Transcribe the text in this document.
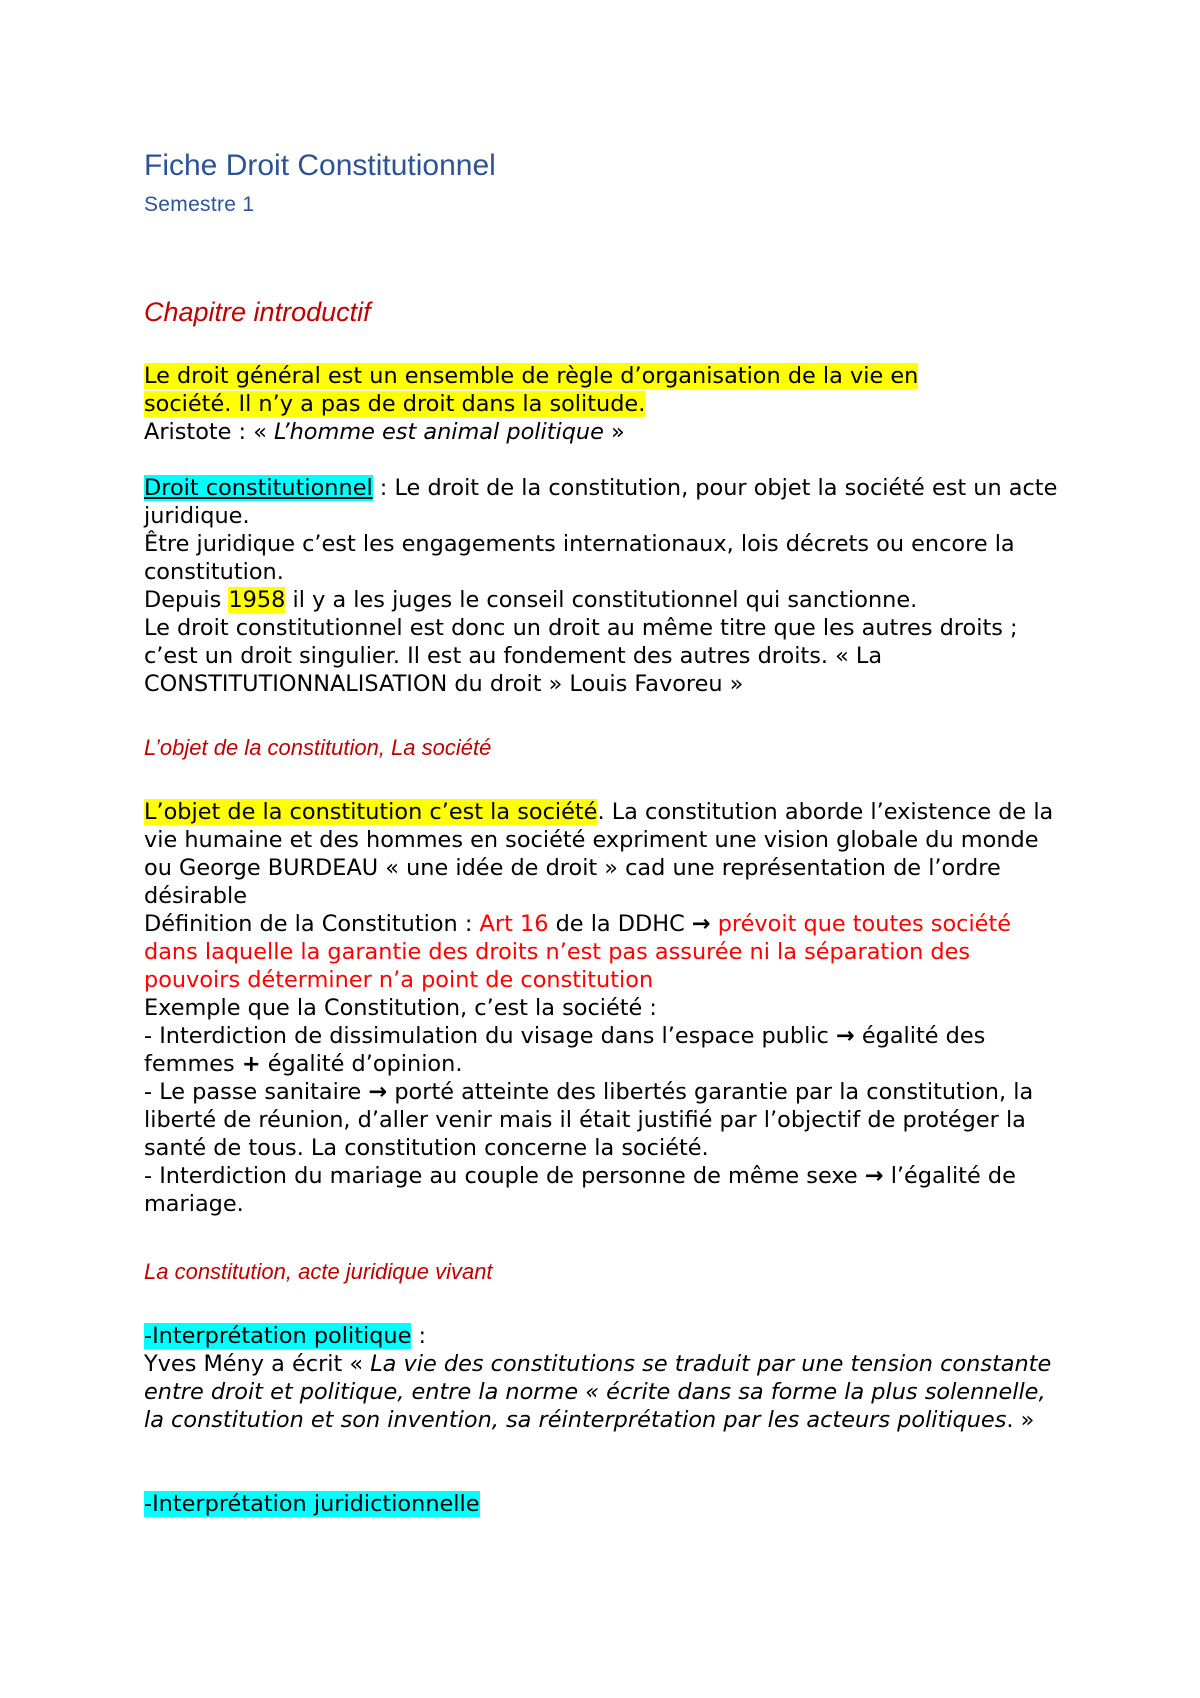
Fiche Droit Constitutionnel
Semestre 1
Chapitre introductif

Le droit général est un ensemble de règle d’organisation de la vie en
société. Il n’y a pas de droit dans la solitude.

Aristote : « L’homme est animal politique »

Droit constitutionnel : Le droit de la constitution, pour objet la société est un acte juridique.

Être juridique c’est les engagements internationaux, lois décrets ou encore la constitution.

Depuis 1958 il y a les juges le conseil constitutionnel qui sanctionne.

Le droit constitutionnel est donc un droit au même titre que les autres droits ; c’est un droit singulier. Il est au fondement des autres droits. « La CONSTITUTIONNALISATION du droit » Louis Favoreu »

L’objet de la constitution, La société

L’objet de la constitution c’est la société. La constitution aborde l’existence de la vie humaine et des hommes en société expriment une vision globale du monde ou George BURDEAU « une idée de droit » cad une représentation de l’ordre désirable

Définition de la Constitution : Art 16 de la DDHC → prévoit que toutes société dans laquelle la garantie des droits n’est pas assurée ni la séparation des pouvoirs déterminer n’a point de constitution

Exemple que la Constitution, c’est la société :

- Interdiction de dissimulation du visage dans l’espace public → égalité des femmes + égalité d’opinion.

- Le passe sanitaire → porté atteinte des libertés garantie par la constitution, la liberté de réunion, d’aller venir mais il était justifié par l’objectif de protéger la santé de tous. La constitution concerne la société.

- Interdiction du mariage au couple de personne de même sexe → l’égalité de mariage.

La constitution, acte juridique vivant

-Interprétation politique :

Yves Mény a écrit « La vie des constitutions se traduit par une tension constante entre droit et politique, entre la norme « écrite dans sa forme la plus solennelle, la constitution et son invention, sa réinterprétation par les acteurs politiques. »

-Interprétation juridictionnelle
